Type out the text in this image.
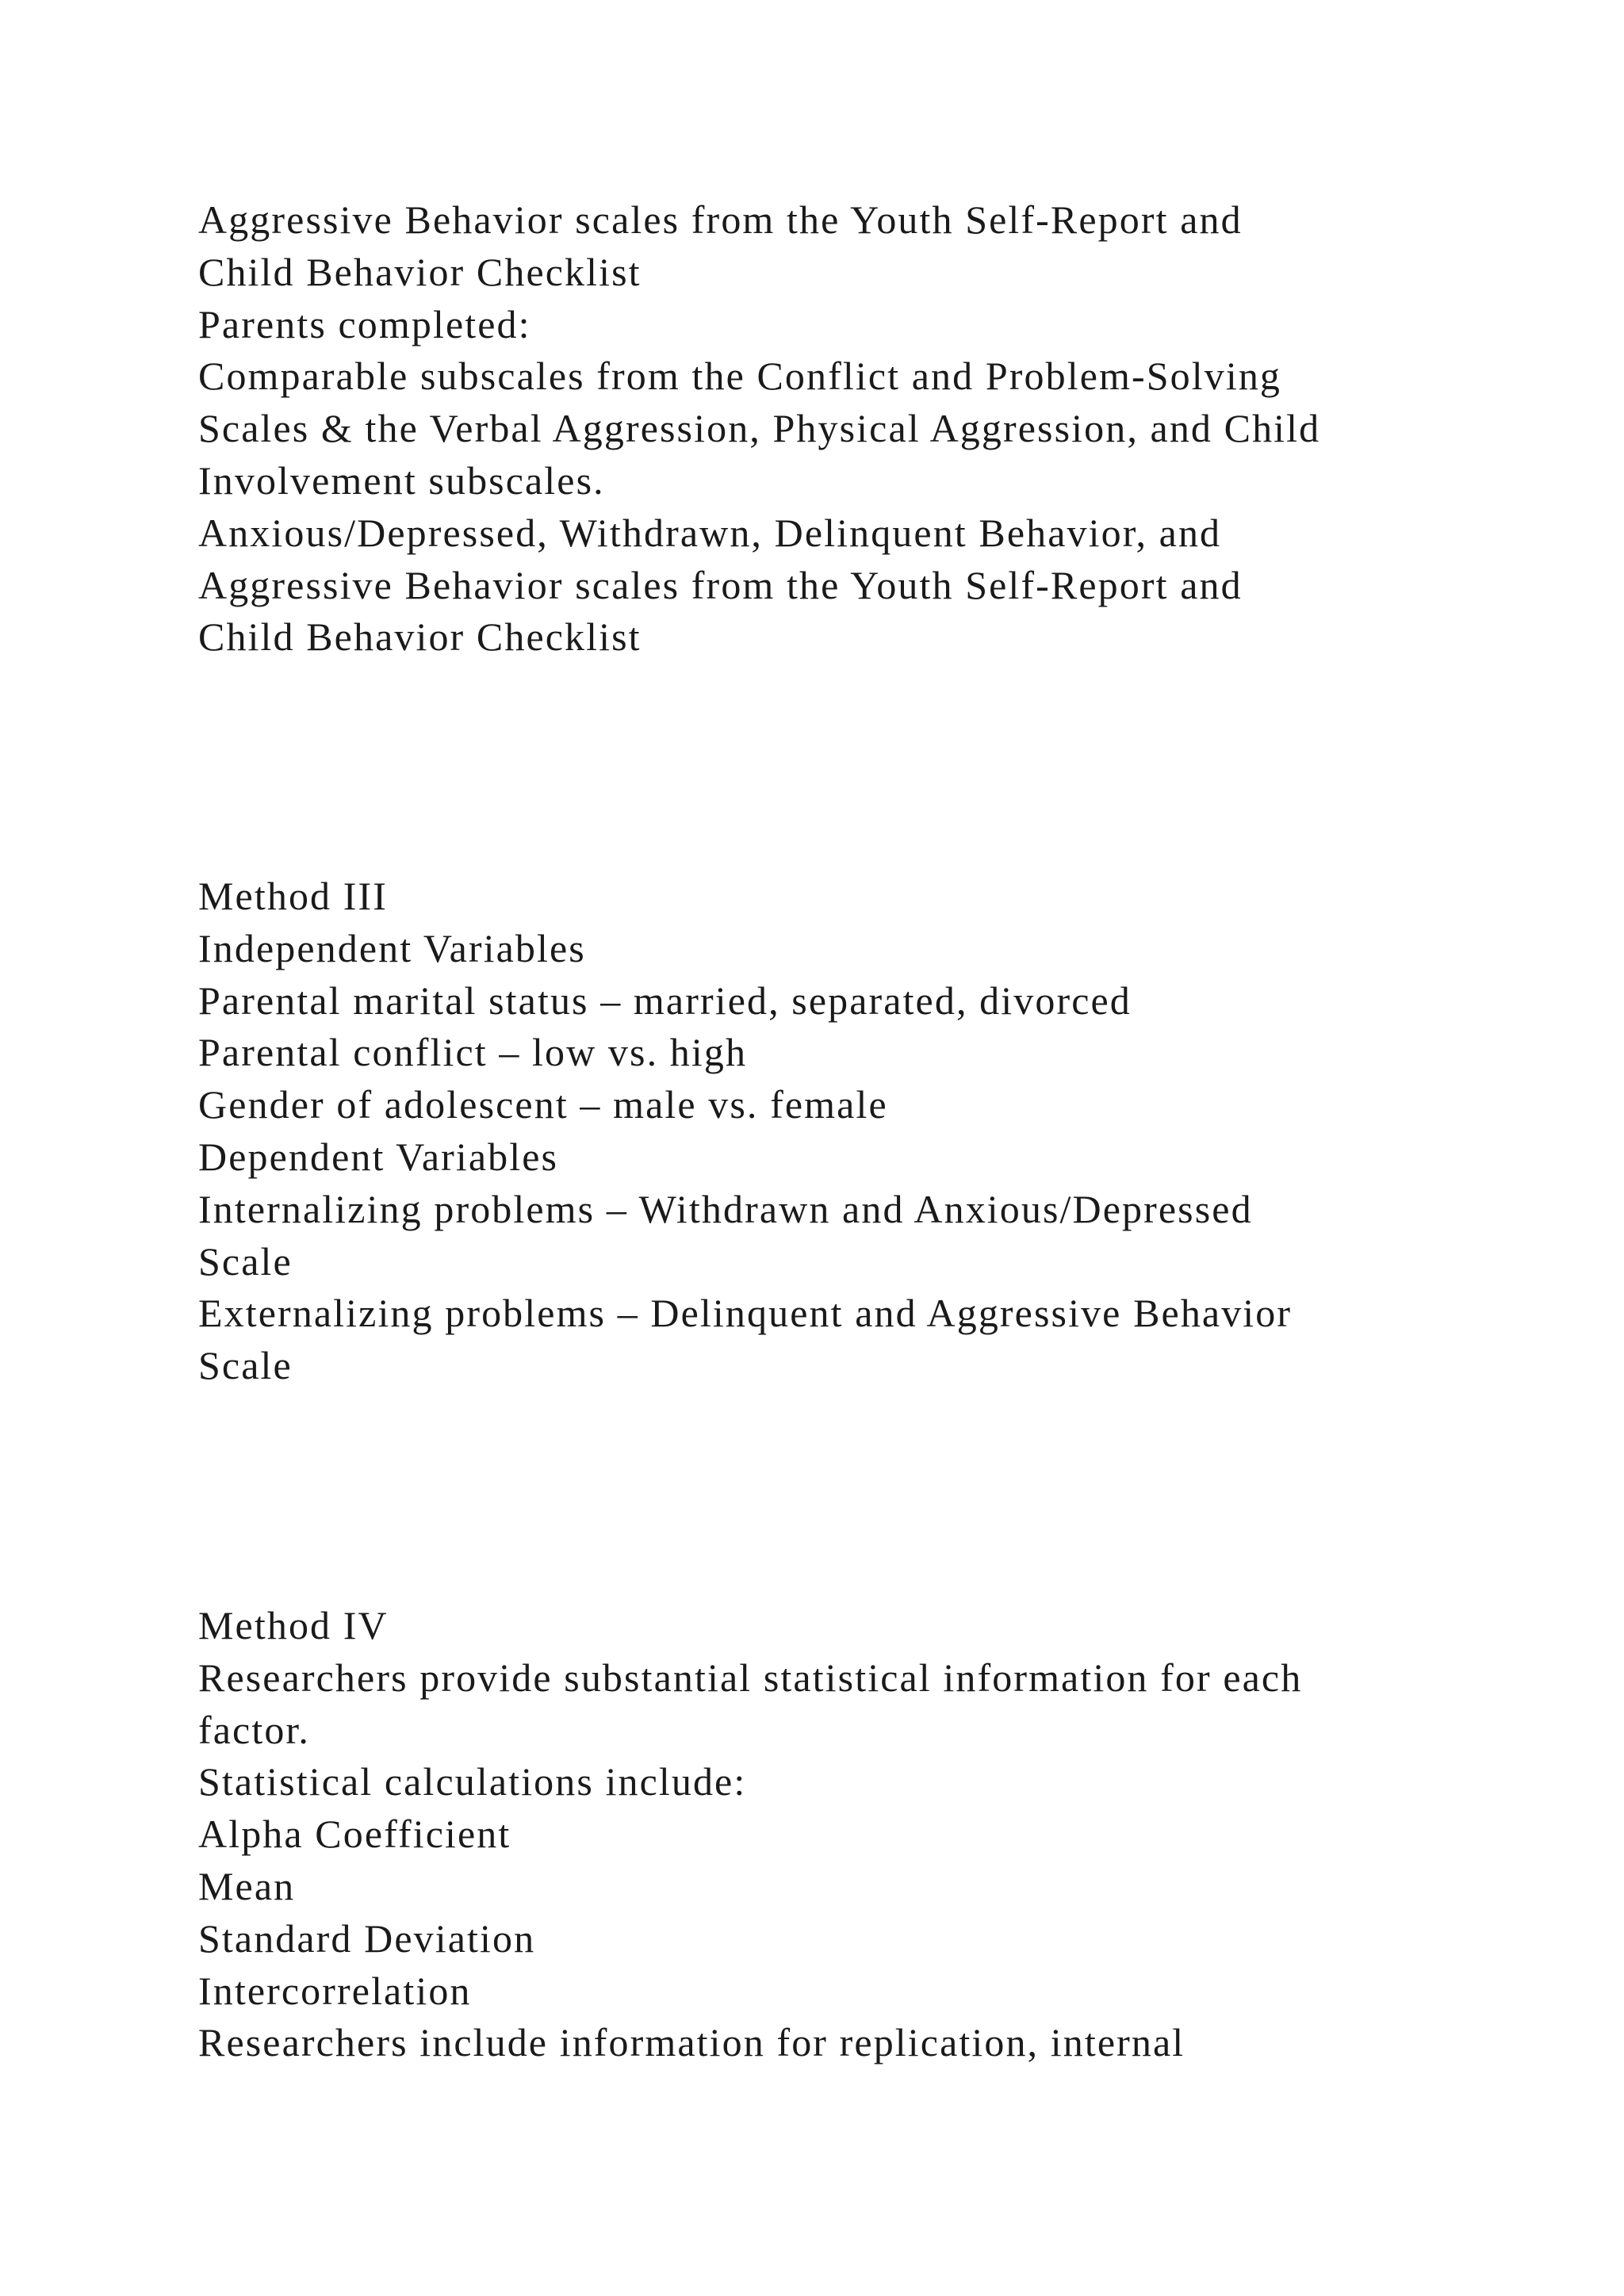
Aggressive Behavior scales from the Youth Self-Report and
Child Behavior Checklist
Parents completed:
Comparable subscales from the Conflict and Problem-Solving
Scales & the Verbal Aggression, Physical Aggression, and Child
Involvement subscales.
Anxious/Depressed, Withdrawn, Delinquent Behavior, and
Aggressive Behavior scales from the Youth Self-Report and
Child Behavior Checklist
Method III
Independent Variables
Parental marital status – married, separated, divorced
Parental conflict – low vs. high
Gender of adolescent – male vs. female
Dependent Variables
Internalizing problems – Withdrawn and Anxious/Depressed
Scale
Externalizing problems – Delinquent and Aggressive Behavior
Scale
Method IV
Researchers provide substantial statistical information for each
factor.
Statistical calculations include:
Alpha Coefficient
Mean
Standard Deviation
Intercorrelation
Researchers include information for replication, internal
